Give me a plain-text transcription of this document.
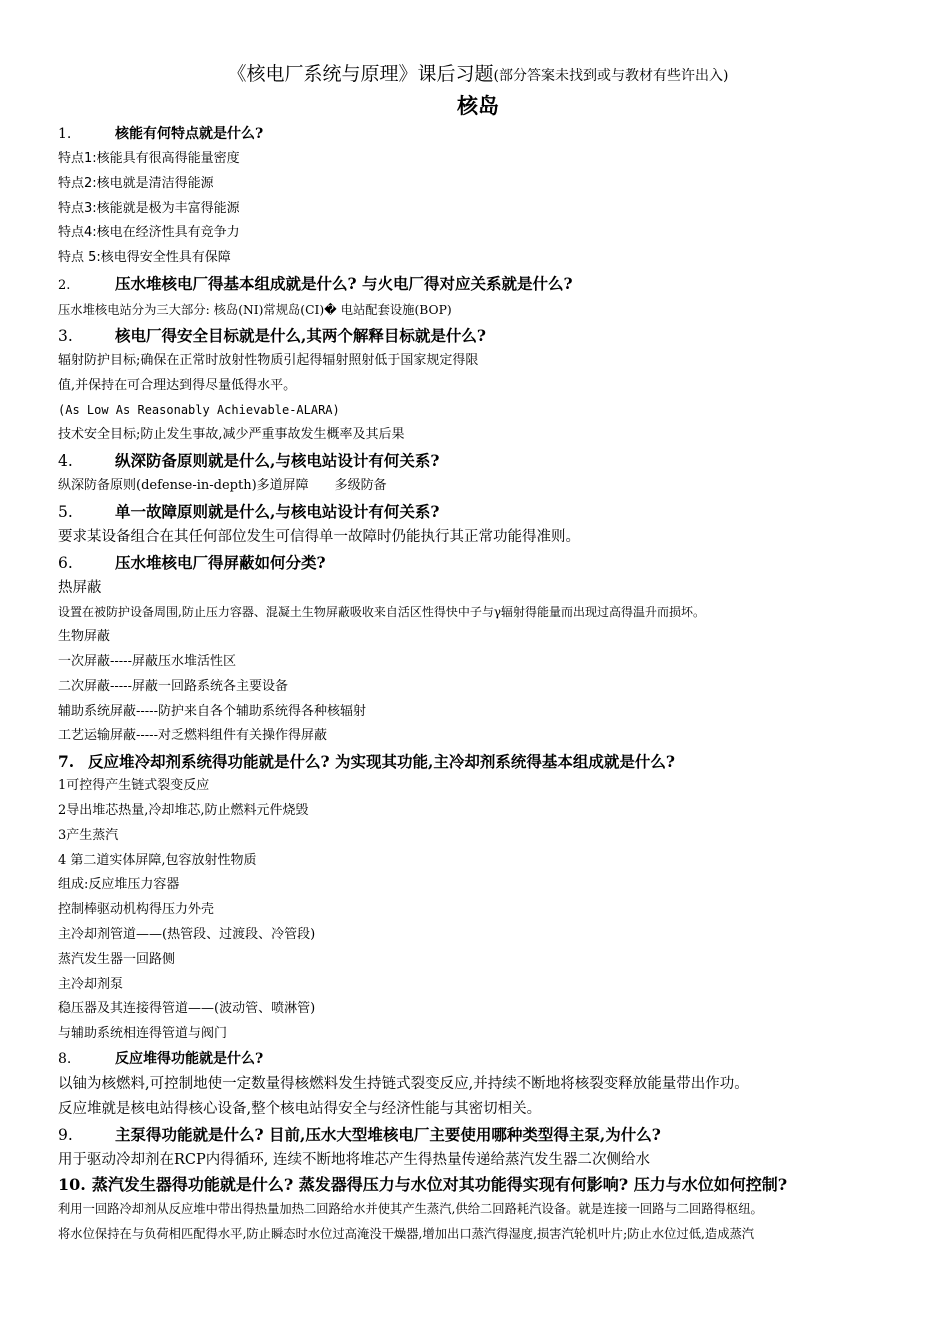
《核电厂系统与原理》课后习题(部分答案未找到或与教材有些许出入)
核岛
1.	核能有何特点就是什么?
特点1:核能具有很高得能量密度
特点2:核电就是清洁得能源
特点3:核能就是极为丰富得能源
特点4:核电在经济性具有竞争力
特点 5:核电得安全性具有保障
2.	压水堆核电厂得基本组成就是什么? 与火电厂得对应关系就是什么?
压水堆核电站分为三大部分: 核岛(NI)常规岛(CI)� 电站配套设施(BOP)
3.	核电厂得安全目标就是什么,其两个解释目标就是什么?
辐射防护目标;确保在正常时放射性物质引起得辐射照射低于国家规定得限
值,并保持在可合理达到得尽量低得水平。
(As Low As Reasonably Achievable-ALARA)
技术安全目标;防止发生事故,减少严重事故发生概率及其后果
4.	纵深防备原则就是什么,与核电站设计有何关系?
纵深防备原则(defense-in-depth)多道屏障　　多级防备
5.	单一故障原则就是什么,与核电站设计有何关系?
要求某设备组合在其任何部位发生可信得单一故障时仍能执行其正常功能得准则。
6.	压水堆核电厂得屏蔽如何分类?
热屏蔽
设置在被防护设备周围,防止压力容器、混凝土生物屏蔽吸收来自活区性得快中子与γ辐射得能量而出现过高得温升而损坏。
生物屏蔽
一次屏蔽-----屏蔽压水堆活性区
二次屏蔽-----屏蔽一回路系统各主要设备
辅助系统屏蔽-----防护来自各个辅助系统得各种核辐射
工艺运输屏蔽-----对乏燃料组件有关操作得屏蔽
7. 反应堆冷却剂系统得功能就是什么? 为实现其功能,主冷却剂系统得基本组成就是什么?
1可控得产生链式裂变反应
2导出堆芯热量,冷却堆芯,防止燃料元件烧毁
3产生蒸汽
4 第二道实体屏障,包容放射性物质
组成:反应堆压力容器
控制棒驱动机构得压力外壳
主冷却剂管道——(热管段、过渡段、冷管段)
蒸汽发生器一回路侧
主冷却剂泵
稳压器及其连接得管道——(波动管、喷淋管)
与辅助系统相连得管道与阀门
8.	反应堆得功能就是什么?
以铀为核燃料,可控制地使一定数量得核燃料发生持链式裂变反应,并持续不断地将核裂变释放能量带出作功。
反应堆就是核电站得核心设备,整个核电站得安全与经济性能与其密切相关。
9.	主泵得功能就是什么? 目前,压水大型堆核电厂主要使用哪种类型得主泵,为什么?
用于驱动冷却剂在RCP内得循环, 连续不断地将堆芯产生得热量传递给蒸汽发生器二次侧给水
10. 蒸汽发生器得功能就是什么? 蒸发器得压力与水位对其功能得实现有何影响? 压力与水位如何控制?
利用一回路冷却剂从反应堆中带出得热量加热二回路给水并使其产生蒸汽,供给二回路耗汽设备。就是连接一回路与二回路得枢纽。
将水位保持在与负荷相匹配得水平,防止瞬态时水位过高淹没干燥器,增加出口蒸汽得湿度,损害汽轮机叶片;防止水位过低,造成蒸汽
